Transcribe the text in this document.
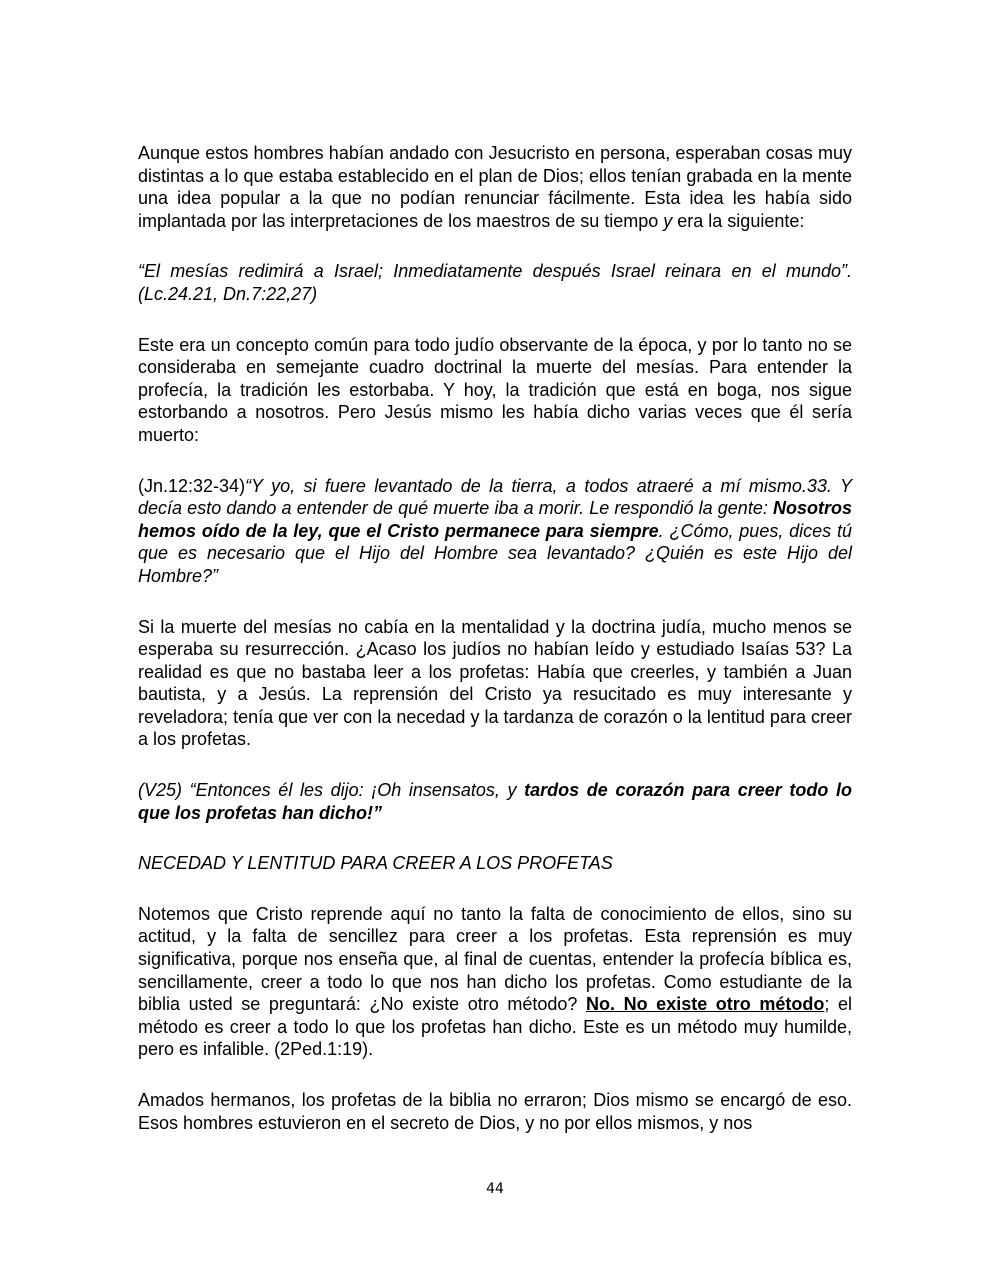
Aunque estos hombres habían andado con Jesucristo en persona, esperaban cosas muy distintas a lo que estaba establecido en el plan de Dios; ellos tenían grabada en la mente una idea popular a la que no podían renunciar fácilmente. Esta idea les había sido implantada por las interpretaciones de los maestros de su tiempo y era la siguiente:

“El mesías redimirá a Israel; Inmediatamente después Israel reinara en el mundo”. (Lc.24.21, Dn.7:22,27)

Este era un concepto común para todo judío observante de la época, y por lo tanto no se consideraba en semejante cuadro doctrinal la muerte del mesías. Para entender la profecía, la tradición les estorbaba. Y hoy, la tradición que está en boga, nos sigue estorbando a nosotros. Pero Jesús mismo les había dicho varias veces que él sería muerto:

(Jn.12:32-34)“Y yo, si fuere levantado de la tierra, a todos atraeré a mí mismo.33. Y decía esto dando a entender de qué muerte iba a morir. Le respondió la gente: Nosotros hemos oído de la ley, que el Cristo permanece para siempre. ¿Cómo, pues, dices tú que es necesario que el Hijo del Hombre sea levantado? ¿Quién es este Hijo del Hombre?”

Si la muerte del mesías no cabía en la mentalidad y la doctrina judía, mucho menos se esperaba su resurrección. ¿Acaso los judíos no habían leído y estudiado Isaías 53? La realidad es que no bastaba leer a los profetas: Había que creerles, y también a Juan bautista, y a Jesús. La reprensión del Cristo ya resucitado es muy interesante y reveladora; tenía que ver con la necedad y la tardanza de corazón o la lentitud para creer a los profetas.

(V25) “Entonces él les dijo: ¡Oh insensatos, y tardos de corazón para creer todo lo que los profetas han dicho!”

NECEDAD Y LENTITUD PARA CREER A LOS PROFETAS

Notemos que Cristo reprende aquí no tanto la falta de conocimiento de ellos, sino su actitud, y la falta de sencillez para creer a los profetas. Esta reprensión es muy significativa, porque nos enseña que, al final de cuentas, entender la profecía bíblica es, sencillamente, creer a todo lo que nos han dicho los profetas. Como estudiante de la biblia usted se preguntará: ¿No existe otro método? No. No existe otro método; el método es creer a todo lo que los profetas han dicho. Este es un método muy humilde, pero es infalible. (2Ped.1:19).

Amados hermanos, los profetas de la biblia no erraron; Dios mismo se encargó de eso. Esos hombres estuvieron en el secreto de Dios, y no por ellos mismos, y nos

44
